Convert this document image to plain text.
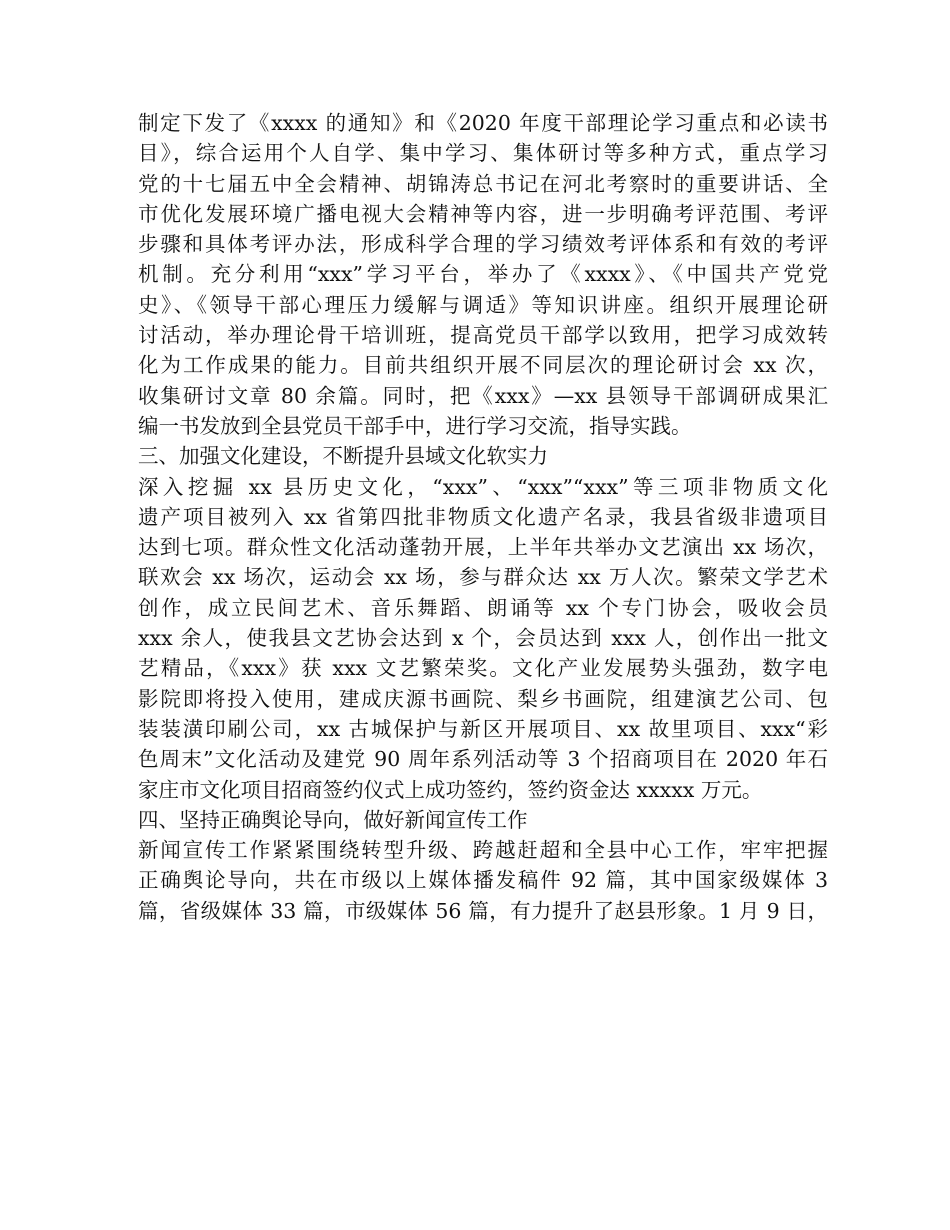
制定下发了《xxxx 的通知》和《2020 年度干部理论学习重点和必读书
目》，综合运用个人自学、集中学习、集体研讨等多种方式，重点学习
党的十七届五中全会精神、胡锦涛总书记在河北考察时的重要讲话、全
市优化发展环境广播电视大会精神等内容，进一步明确考评范围、考评
步骤和具体考评办法，形成科学合理的学习绩效考评体系和有效的考评
机制。充分利用“xxx”学习平台，举办了《xxxx》、《中国共产党党
史》、《领导干部心理压力缓解与调适》等知识讲座。组织开展理论研
讨活动，举办理论骨干培训班，提高党员干部学以致用，把学习成效转
化为工作成果的能力。目前共组织开展不同层次的理论研讨会 xx 次，
收集研讨文章 80 余篇。同时，把《xxx》—xx 县领导干部调研成果汇
编一书发放到全县党员干部手中，进行学习交流，指导实践。
三、加强文化建设，不断提升县域文化软实力
深入挖掘 xx 县历史文化，“xxx”、“xxx”“xxx”等三项非物质文化
遗产项目被列入 xx 省第四批非物质文化遗产名录，我县省级非遗项目
达到七项。群众性文化活动蓬勃开展，上半年共举办文艺演出 xx 场次，
联欢会 xx 场次，运动会 xx 场，参与群众达 xx 万人次。繁荣文学艺术
创作，成立民间艺术、音乐舞蹈、朗诵等 xx 个专门协会，吸收会员
xxx 余人，使我县文艺协会达到 x 个，会员达到 xxx 人，创作出一批文
艺精品，《xxx》获 xxx 文艺繁荣奖。文化产业发展势头强劲，数字电
影院即将投入使用，建成庆源书画院、梨乡书画院，组建演艺公司、包
装装潢印刷公司，xx 古城保护与新区开展项目、xx 故里项目、xxx“彩
色周末”文化活动及建党 90 周年系列活动等 3 个招商项目在 2020 年石
家庄市文化项目招商签约仪式上成功签约，签约资金达 xxxxx 万元。
四、坚持正确舆论导向，做好新闻宣传工作
新闻宣传工作紧紧围绕转型升级、跨越赶超和全县中心工作，牢牢把握
正确舆论导向，共在市级以上媒体播发稿件 92 篇，其中国家级媒体 3
篇，省级媒体 33 篇，市级媒体 56 篇，有力提升了赵县形象。1 月 9 日，
